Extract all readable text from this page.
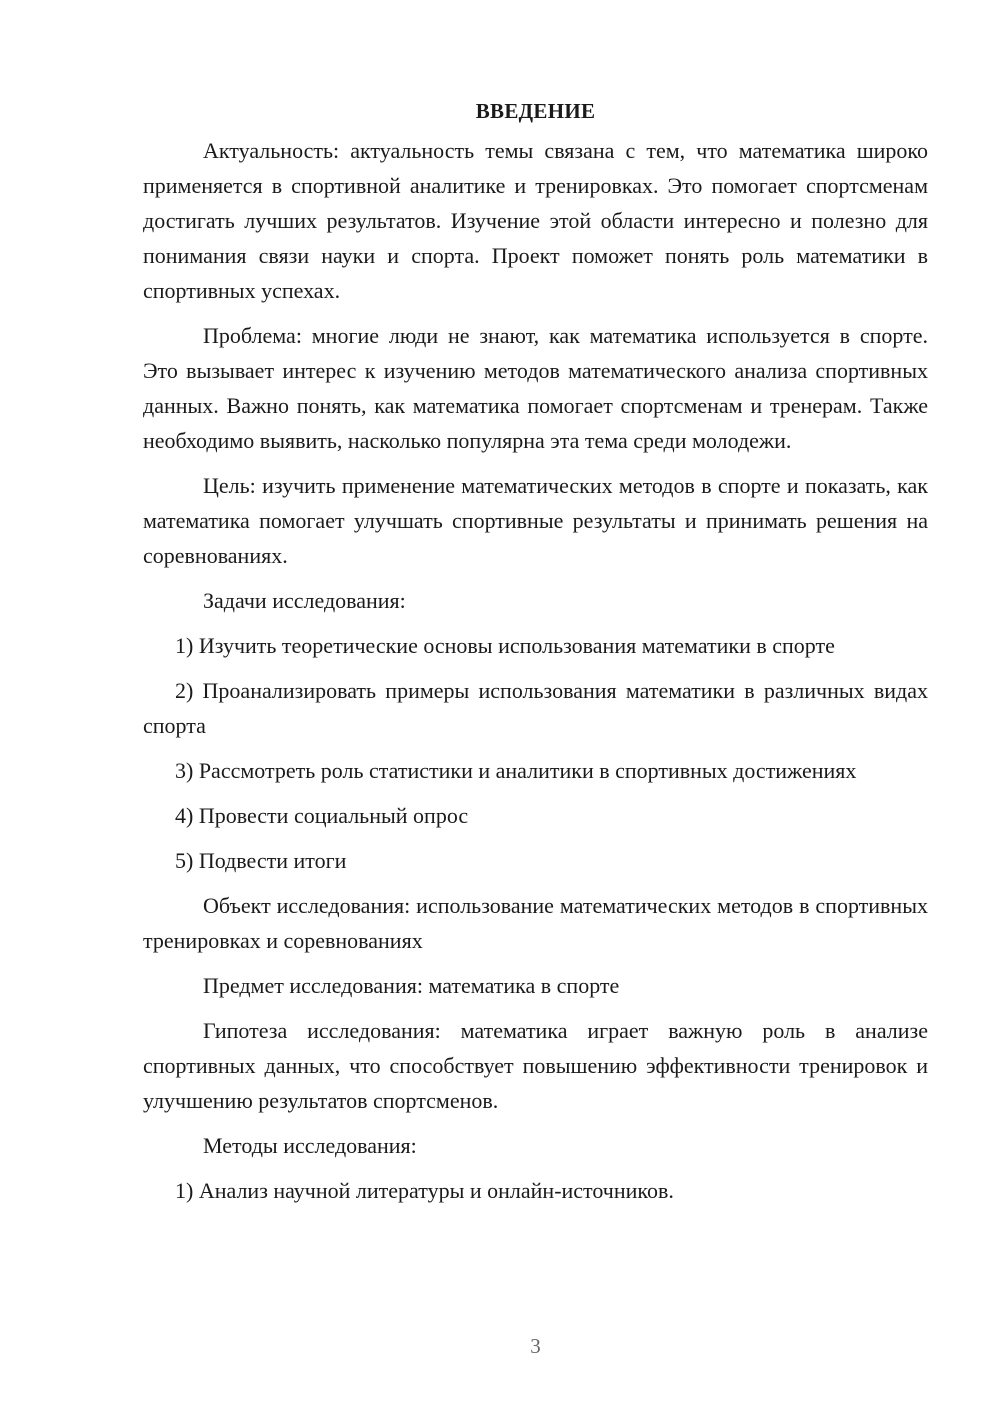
ВВЕДЕНИЕ

Актуальность: актуальность темы связана с тем, что математика широко применяется в спортивной аналитике и тренировках. Это помогает спортсменам достигать лучших результатов. Изучение этой области интересно и полезно для понимания связи науки и спорта. Проект поможет понять роль математики в спортивных успехах.

Проблема: многие люди не знают, как математика используется в спорте. Это вызывает интерес к изучению методов математического анализа спортивных данных. Важно понять, как математика помогает спортсменам и тренерам. Также необходимо выявить, насколько популярна эта тема среди молодежи.

Цель: изучить применение математических методов в спорте и показать, как математика помогает улучшать спортивные результаты и принимать решения на соревнованиях.

Задачи исследования:

1) Изучить теоретические основы использования математики в спорте

2) Проанализировать примеры использования математики в различных видах спорта

3) Рассмотреть роль статистики и аналитики в спортивных достижениях

4) Провести социальный опрос

5) Подвести итоги

Объект исследования: использование математических методов в спортивных тренировках и соревнованиях

Предмет исследования: математика в спорте

Гипотеза исследования: математика играет важную роль в анализе спортивных данных, что способствует повышению эффективности тренировок и улучшению результатов спортсменов.

Методы исследования:

1) Анализ научной литературы и онлайн-источников.

3
